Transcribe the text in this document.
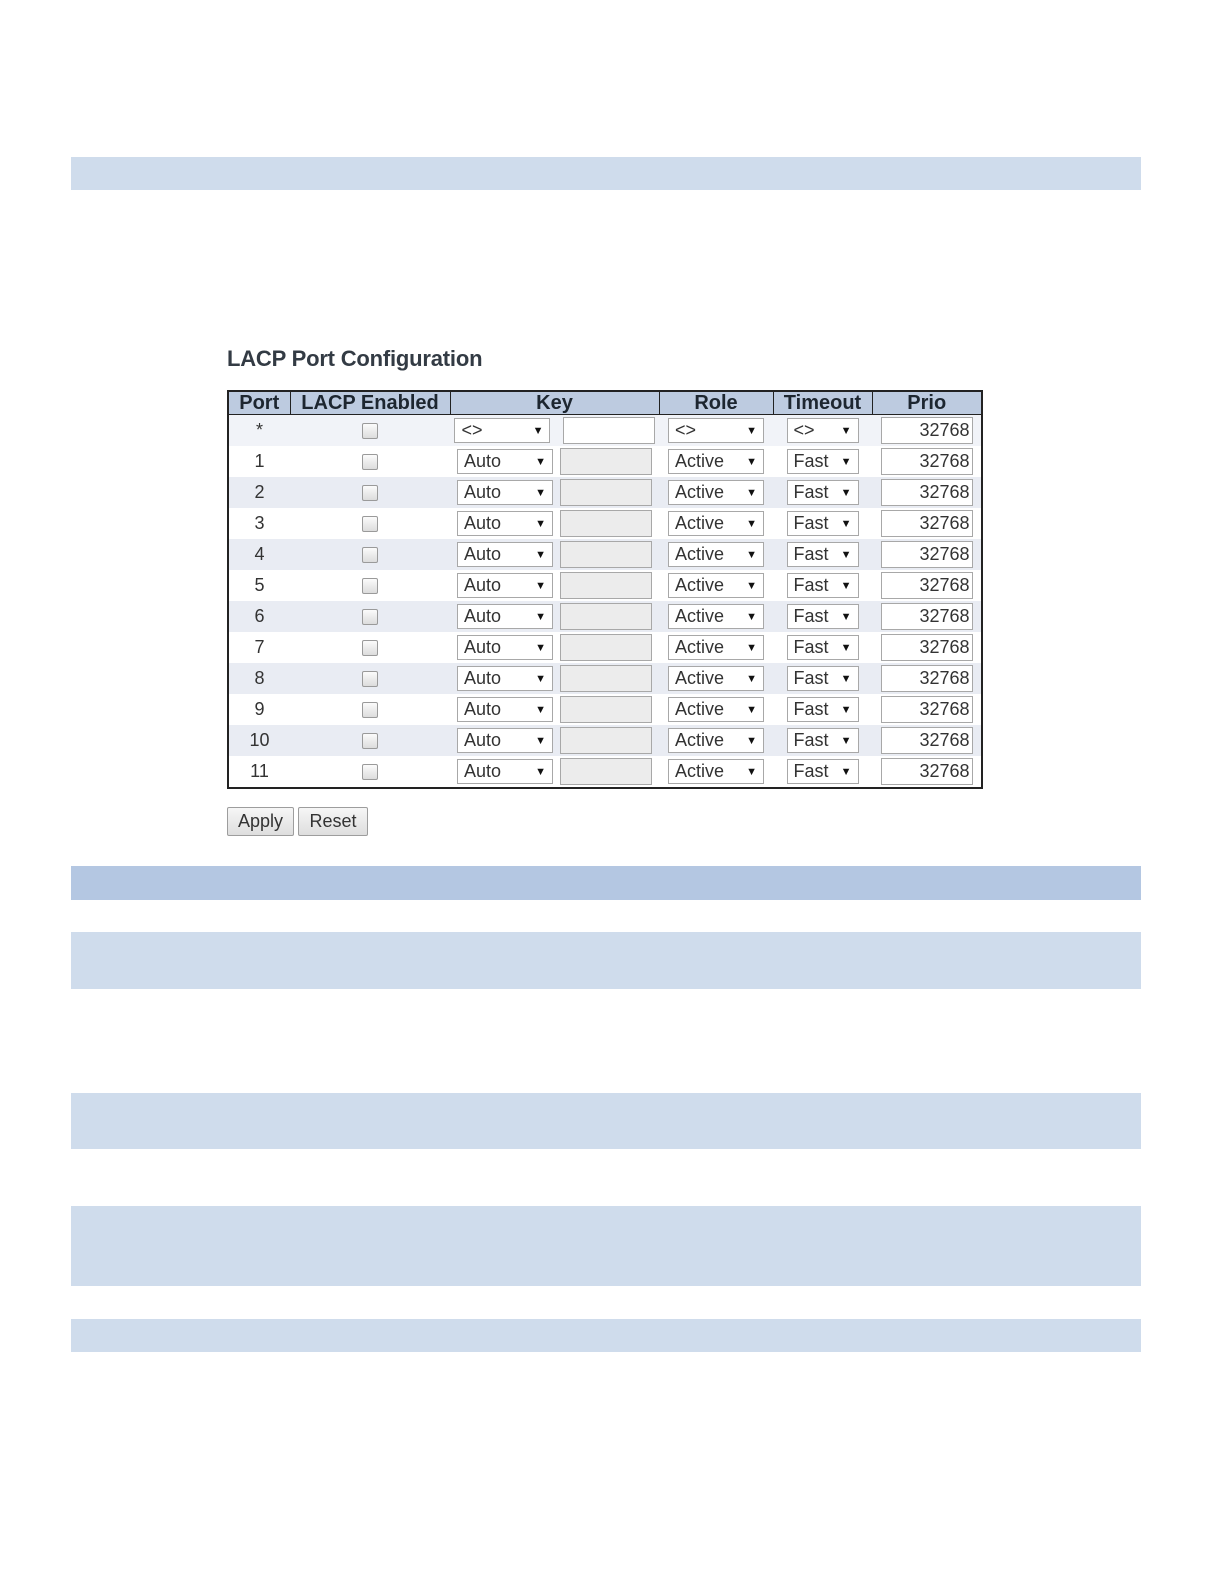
LACP Port Configuration
Port	LACP Enabled	Key	Role	Timeout	Prio
*		<> ▼	<> ▼	<> ▼	32768
1		Auto ▼	Active ▼	Fast ▼	32768
2		Auto ▼	Active ▼	Fast ▼	32768
3		Auto ▼	Active ▼	Fast ▼	32768
4		Auto ▼	Active ▼	Fast ▼	32768
5		Auto ▼	Active ▼	Fast ▼	32768
6		Auto ▼	Active ▼	Fast ▼	32768
7		Auto ▼	Active ▼	Fast ▼	32768
8		Auto ▼	Active ▼	Fast ▼	32768
9		Auto ▼	Active ▼	Fast ▼	32768
10		Auto ▼	Active ▼	Fast ▼	32768
11		Auto ▼	Active ▼	Fast ▼	32768
Apply	Reset
